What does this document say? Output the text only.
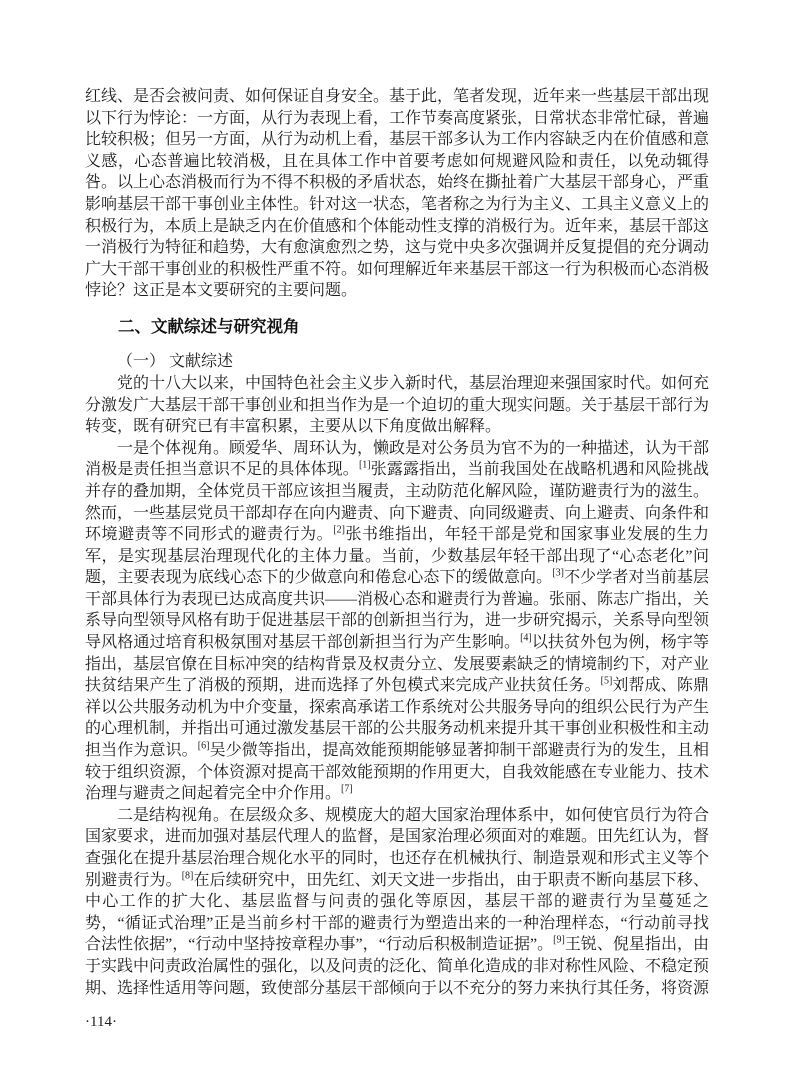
红线、是否会被问责、如何保证自身安全。基于此，笔者发现，近年来一些基层干部出现以下行为悖论：一方面，从行为表现上看，工作节奏高度紧张，日常状态非常忙碌，普遍比较积极；但另一方面，从行为动机上看，基层干部多认为工作内容缺乏内在价值感和意义感，心态普遍比较消极，且在具体工作中首要考虑如何规避风险和责任，以免动辄得咎。以上心态消极而行为不得不积极的矛盾状态，始终在撕扯着广大基层干部身心，严重影响基层干部干事创业主体性。针对这一状态，笔者称之为行为主义、工具主义意义上的积极行为，本质上是缺乏内在价值感和个体能动性支撑的消极行为。近年来，基层干部这一消极行为特征和趋势，大有愈演愈烈之势，这与党中央多次强调并反复提倡的充分调动广大干部干事创业的积极性严重不符。如何理解近年来基层干部这一行为积极而心态消极悖论？这正是本文要研究的主要问题。

二、文献综述与研究视角

（一） 文献综述

党的十八大以来，中国特色社会主义步入新时代，基层治理迎来强国家时代。如何充分激发广大基层干部干事创业和担当作为是一个迫切的重大现实问题。关于基层干部行为转变，既有研究已有丰富积累，主要从以下角度做出解释。

一是个体视角。顾爱华、周环认为，懒政是对公务员为官不为的一种描述，认为干部消极是责任担当意识不足的具体体现。[1]张露露指出，当前我国处在战略机遇和风险挑战并存的叠加期，全体党员干部应该担当履责，主动防范化解风险，谨防避责行为的滋生。然而，一些基层党员干部却存在向内避责、向下避责、向同级避责、向上避责、向条件和环境避责等不同形式的避责行为。[2]张书维指出，年轻干部是党和国家事业发展的生力军，是实现基层治理现代化的主体力量。当前，少数基层年轻干部出现了“心态老化”问题，主要表现为底线心态下的少做意向和倦怠心态下的缓做意向。[3]不少学者对当前基层干部具体行为表现已达成高度共识——消极心态和避责行为普遍。张丽、陈志广指出，关系导向型领导风格有助于促进基层干部的创新担当行为，进一步研究揭示，关系导向型领导风格通过培育积极氛围对基层干部创新担当行为产生影响。[4]以扶贫外包为例，杨宇等指出，基层官僚在目标冲突的结构背景及权责分立、发展要素缺乏的情境制约下，对产业扶贫结果产生了消极的预期，进而选择了外包模式来完成产业扶贫任务。[5]刘帮成、陈鼎祥以公共服务动机为中介变量，探索高承诺工作系统对公共服务导向的组织公民行为产生的心理机制，并指出可通过激发基层干部的公共服务动机来提升其干事创业积极性和主动担当作为意识。[6]吴少微等指出，提高效能预期能够显著抑制干部避责行为的发生，且相较于组织资源，个体资源对提高干部效能预期的作用更大，自我效能感在专业能力、技术治理与避责之间起着完全中介作用。[7]

二是结构视角。在层级众多、规模庞大的超大国家治理体系中，如何使官员行为符合国家要求，进而加强对基层代理人的监督，是国家治理必须面对的难题。田先红认为，督查强化在提升基层治理合规化水平的同时，也还存在机械执行、制造景观和形式主义等个别避责行为。[8]在后续研究中，田先红、刘天文进一步指出，由于职责不断向基层下移、中心工作的扩大化、基层监督与问责的强化等原因，基层干部的避责行为呈蔓延之势，“循证式治理”正是当前乡村干部的避责行为塑造出来的一种治理样态，“行动前寻找合法性依据”，“行动中坚持按章程办事”，“行动后积极制造证据”。[9]王锐、倪星指出，由于实践中问责政治属性的强化，以及问责的泛化、简单化造成的非对称性风险、不稳定预期、选择性适用等问题，致使部分基层干部倾向于以不充分的努力来执行其任务，将资源

·114·
